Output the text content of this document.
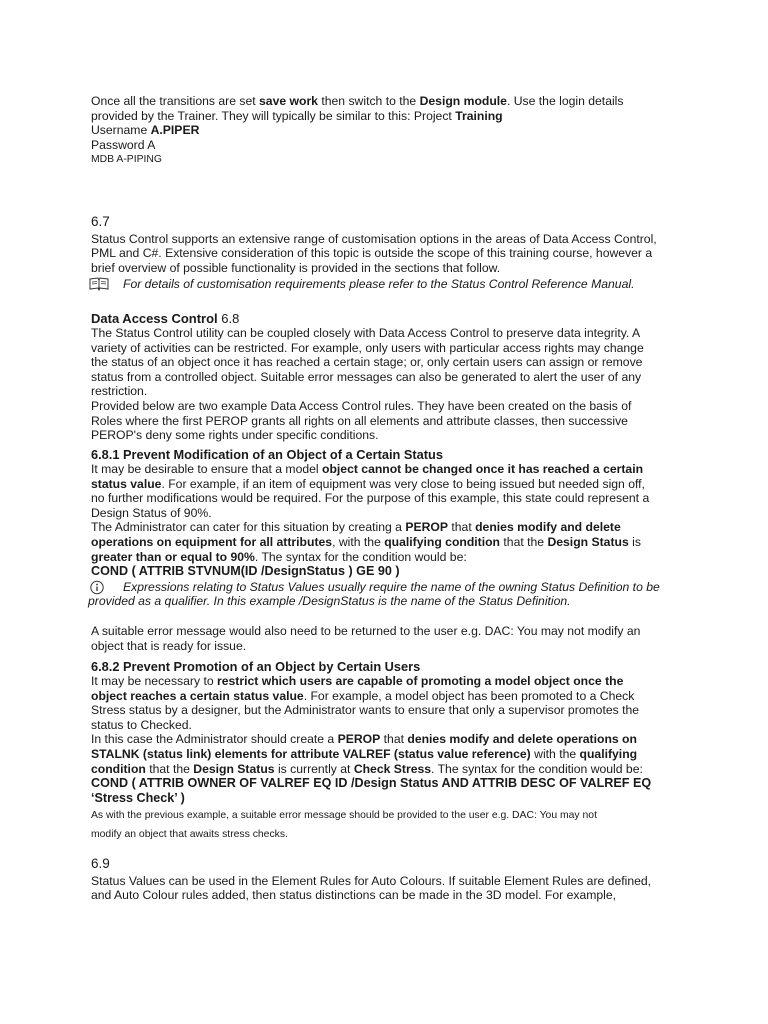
Once all the transitions are set save work then switch to the Design module. Use the login details

provided by the Trainer. They will typically be similar to this: Project Training

Username A.PIPER

Password A

MDB A-PIPING

6.7

Status Control supports an extensive range of customisation options in the areas of Data Access Control,

PML and C#. Extensive consideration of this topic is outside the scope of this training course, however a

brief overview of possible functionality is provided in the sections that follow.

For details of customisation requirements please refer to the Status Control Reference Manual.

Data Access Control 6.8

The Status Control utility can be coupled closely with Data Access Control to preserve data integrity. A

variety of activities can be restricted. For example, only users with particular access rights may change

the status of an object once it has reached a certain stage; or, only certain users can assign or remove

status from a controlled object. Suitable error messages can also be generated to alert the user of any

restriction.

Provided below are two example Data Access Control rules. They have been created on the basis of

Roles where the first PEROP grants all rights on all elements and attribute classes, then successive

PEROP's deny some rights under specific conditions.

6.8.1 Prevent Modification of an Object of a Certain Status

It may be desirable to ensure that a model object cannot be changed once it has reached a certain

status value. For example, if an item of equipment was very close to being issued but needed sign off,

no further modifications would be required. For the purpose of this example, this state could represent a

Design Status of 90%.

The Administrator can cater for this situation by creating a PEROP that denies modify and delete

operations on equipment for all attributes, with the qualifying condition that the Design Status is

greater than or equal to 90%. The syntax for the condition would be:

COND ( ATTRIB STVNUM(ID /DesignStatus ) GE 90 )

Expressions relating to Status Values usually require the name of the owning Status Definition to be

provided as a qualifier. In this example /DesignStatus is the name of the Status Definition.

A suitable error message would also need to be returned to the user e.g. DAC: You may not modify an

object that is ready for issue.

6.8.2 Prevent Promotion of an Object by Certain Users

It may be necessary to restrict which users are capable of promoting a model object once the

object reaches a certain status value. For example, a model object has been promoted to a Check

Stress status by a designer, but the Administrator wants to ensure that only a supervisor promotes the

status to Checked.

In this case the Administrator should create a PEROP that denies modify and delete operations on

STALNK (status link) elements for attribute VALREF (status value reference) with the qualifying

condition that the Design Status is currently at Check Stress. The syntax for the condition would be:

COND ( ATTRIB OWNER OF VALREF EQ ID /Design Status AND ATTRIB DESC OF VALREF EQ

‘Stress Check’ )

As with the previous example, a suitable error message should be provided to the user e.g. DAC: You may not

modify an object that awaits stress checks.

6.9

Status Values can be used in the Element Rules for Auto Colours. If suitable Element Rules are defined,

and Auto Colour rules added, then status distinctions can be made in the 3D model. For example,
